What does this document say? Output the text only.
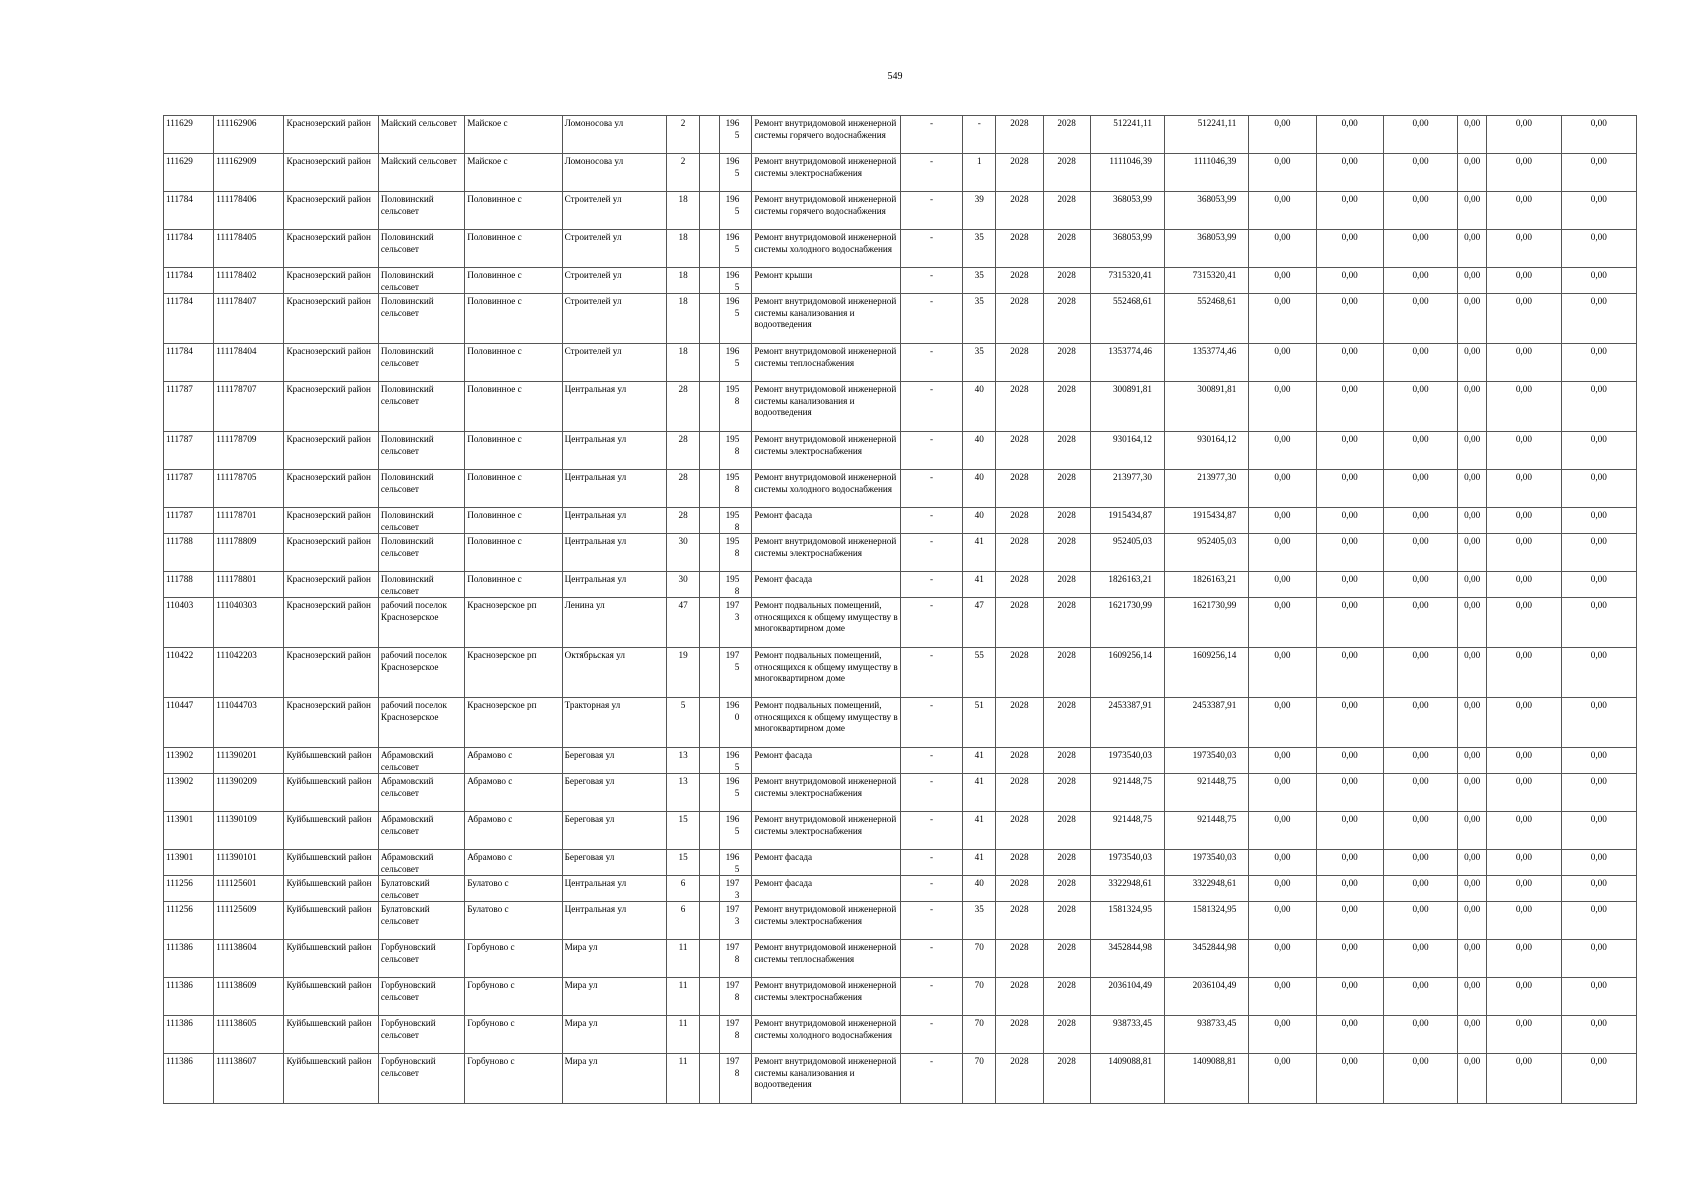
549
111629	111162906	Краснозерский район	Майский сельсовет	Майское с	Ломоносова ул	2		1965	Ремонт внутридомовой инженерной системы горячего водоснабжения	-	-	2028	2028	512241,11	512241,11	0,00	0,00	0,00	0,00	0,00	0,00
111629	111162909	Краснозерский район	Майский сельсовет	Майское с	Ломоносова ул	2		1965	Ремонт внутридомовой инженерной системы электроснабжения	-	1	2028	2028	1111046,39	1111046,39	0,00	0,00	0,00	0,00	0,00	0,00
111784	111178406	Краснозерский район	Половинский сельсовет	Половинное с	Строителей ул	18		1965	Ремонт внутридомовой инженерной системы горячего водоснабжения	-	39	2028	2028	368053,99	368053,99	0,00	0,00	0,00	0,00	0,00	0,00
111784	111178405	Краснозерский район	Половинский сельсовет	Половинное с	Строителей ул	18		1965	Ремонт внутридомовой инженерной системы холодного водоснабжения	-	35	2028	2028	368053,99	368053,99	0,00	0,00	0,00	0,00	0,00	0,00
111784	111178402	Краснозерский район	Половинский сельсовет	Половинное с	Строителей ул	18		1965	Ремонт крыши	-	35	2028	2028	7315320,41	7315320,41	0,00	0,00	0,00	0,00	0,00	0,00
111784	111178407	Краснозерский район	Половинский сельсовет	Половинное с	Строителей ул	18		1965	Ремонт внутридомовой инженерной системы канализования и водоотведения	-	35	2028	2028	552468,61	552468,61	0,00	0,00	0,00	0,00	0,00	0,00
111784	111178404	Краснозерский район	Половинский сельсовет	Половинное с	Строителей ул	18		1965	Ремонт внутридомовой инженерной системы теплоснабжения	-	35	2028	2028	1353774,46	1353774,46	0,00	0,00	0,00	0,00	0,00	0,00
111787	111178707	Краснозерский район	Половинский сельсовет	Половинное с	Центральная ул	28		1958	Ремонт внутридомовой инженерной системы канализования и водоотведения	-	40	2028	2028	300891,81	300891,81	0,00	0,00	0,00	0,00	0,00	0,00
111787	111178709	Краснозерский район	Половинский сельсовет	Половинное с	Центральная ул	28		1958	Ремонт внутридомовой инженерной системы электроснабжения	-	40	2028	2028	930164,12	930164,12	0,00	0,00	0,00	0,00	0,00	0,00
111787	111178705	Краснозерский район	Половинский сельсовет	Половинное с	Центральная ул	28		1958	Ремонт внутридомовой инженерной системы холодного водоснабжения	-	40	2028	2028	213977,30	213977,30	0,00	0,00	0,00	0,00	0,00	0,00
111787	111178701	Краснозерский район	Половинский сельсовет	Половинное с	Центральная ул	28		1958	Ремонт фасада	-	40	2028	2028	1915434,87	1915434,87	0,00	0,00	0,00	0,00	0,00	0,00
111788	111178809	Краснозерский район	Половинский сельсовет	Половинное с	Центральная ул	30		1958	Ремонт внутридомовой инженерной системы электроснабжения	-	41	2028	2028	952405,03	952405,03	0,00	0,00	0,00	0,00	0,00	0,00
111788	111178801	Краснозерский район	Половинский сельсовет	Половинное с	Центральная ул	30		1958	Ремонт фасада	-	41	2028	2028	1826163,21	1826163,21	0,00	0,00	0,00	0,00	0,00	0,00
110403	111040303	Краснозерский район	рабочий поселок Краснозерское	Краснозерское рп	Ленина ул	47		1973	Ремонт подвальных помещений, относящихся к общему имуществу в многоквартирном доме	-	47	2028	2028	1621730,99	1621730,99	0,00	0,00	0,00	0,00	0,00	0,00
110422	111042203	Краснозерский район	рабочий поселок Краснозерское	Краснозерское рп	Октябрьская ул	19		1975	Ремонт подвальных помещений, относящихся к общему имуществу в многоквартирном доме	-	55	2028	2028	1609256,14	1609256,14	0,00	0,00	0,00	0,00	0,00	0,00
110447	111044703	Краснозерский район	рабочий поселок Краснозерское	Краснозерское рп	Тракторная ул	5		1960	Ремонт подвальных помещений, относящихся к общему имуществу в многоквартирном доме	-	51	2028	2028	2453387,91	2453387,91	0,00	0,00	0,00	0,00	0,00	0,00
113902	111390201	Куйбышевский район	Абрамовский сельсовет	Абрамово с	Береговая ул	13		1965	Ремонт фасада	-	41	2028	2028	1973540,03	1973540,03	0,00	0,00	0,00	0,00	0,00	0,00
113902	111390209	Куйбышевский район	Абрамовский сельсовет	Абрамово с	Береговая ул	13		1965	Ремонт внутридомовой инженерной системы электроснабжения	-	41	2028	2028	921448,75	921448,75	0,00	0,00	0,00	0,00	0,00	0,00
113901	111390109	Куйбышевский район	Абрамовский сельсовет	Абрамово с	Береговая ул	15		1965	Ремонт внутридомовой инженерной системы электроснабжения	-	41	2028	2028	921448,75	921448,75	0,00	0,00	0,00	0,00	0,00	0,00
113901	111390101	Куйбышевский район	Абрамовский сельсовет	Абрамово с	Береговая ул	15		1965	Ремонт фасада	-	41	2028	2028	1973540,03	1973540,03	0,00	0,00	0,00	0,00	0,00	0,00
111256	111125601	Куйбышевский район	Булатовский сельсовет	Булатово с	Центральная ул	6		1973	Ремонт фасада	-	40	2028	2028	3322948,61	3322948,61	0,00	0,00	0,00	0,00	0,00	0,00
111256	111125609	Куйбышевский район	Булатовский сельсовет	Булатово с	Центральная ул	6		1973	Ремонт внутридомовой инженерной системы электроснабжения	-	35	2028	2028	1581324,95	1581324,95	0,00	0,00	0,00	0,00	0,00	0,00
111386	111138604	Куйбышевский район	Горбуновский сельсовет	Горбуново с	Мира ул	11		1978	Ремонт внутридомовой инженерной системы теплоснабжения	-	70	2028	2028	3452844,98	3452844,98	0,00	0,00	0,00	0,00	0,00	0,00
111386	111138609	Куйбышевский район	Горбуновский сельсовет	Горбуново с	Мира ул	11		1978	Ремонт внутридомовой инженерной системы электроснабжения	-	70	2028	2028	2036104,49	2036104,49	0,00	0,00	0,00	0,00	0,00	0,00
111386	111138605	Куйбышевский район	Горбуновский сельсовет	Горбуново с	Мира ул	11		1978	Ремонт внутридомовой инженерной системы холодного водоснабжения	-	70	2028	2028	938733,45	938733,45	0,00	0,00	0,00	0,00	0,00	0,00
111386	111138607	Куйбышевский район	Горбуновский сельсовет	Горбуново с	Мира ул	11		1978	Ремонт внутридомовой инженерной системы канализования и водоотведения	-	70	2028	2028	1409088,81	1409088,81	0,00	0,00	0,00	0,00	0,00	0,00
